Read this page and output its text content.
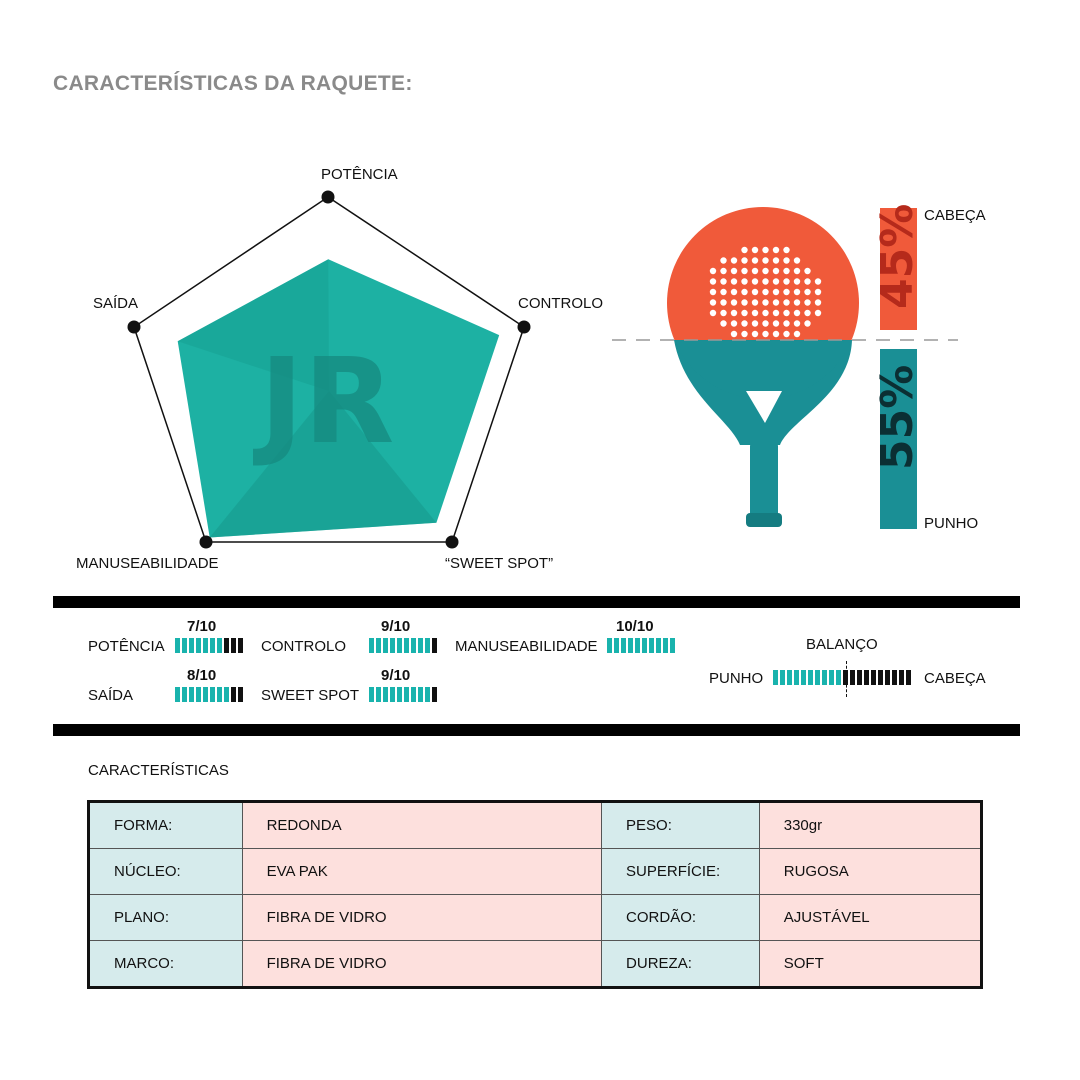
CARACTERÍSTICAS DA RAQUETE:
JR
POTÊNCIA
CONTROLO
“SWEET SPOT”
MANUSEABILIDADE
SAÍDA	45%
55%
CABEÇA
PUNHO
POTÊNCIA
7/10
CONTROLO
9/10
MANUSEABILIDADE
10/10
SAÍDA
8/10
SWEET SPOT
9/10
BALANÇO
PUNHO	CABEÇA
CARACTERÍSTICAS
FORMA:	REDONDA	PESO:	330gr
NÚCLEO:	EVA PAK	SUPERFÍCIE:	RUGOSA
PLANO:	FIBRA DE VIDRO	CORDÃO:	AJUSTÁVEL
MARCO:	FIBRA DE VIDRO	DUREZA:	SOFT
